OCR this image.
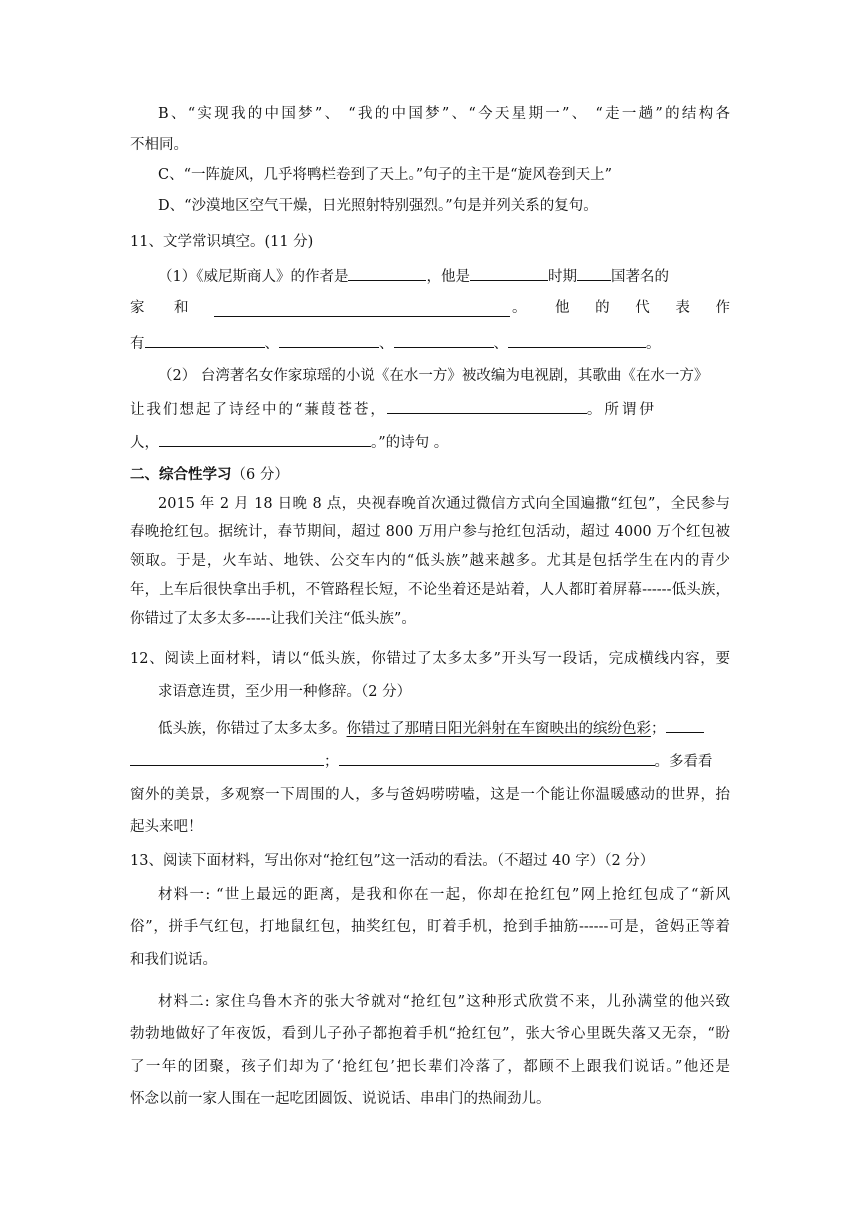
B、“实现我的中国梦”、 “我的中国梦”、“今天星期一”、 “走一趟”的结构各
不相同。
C、“一阵旋风，几乎将鸭栏卷到了天上。”句子的主干是“旋风卷到天上”
D、“沙漠地区空气干燥，日光照射特别强烈。”句是并列关系的复句。
11、文学常识填空。(11 分)
（1）《威尼斯商人》的作者是	，他是	时期 国著名的
家 和	。 他 的 代 表 作
有	、	、	、	。
（2） 台湾著名女作家琼瑶的小说《在水一方》被改编为电视剧，其歌曲《在水一方》
让我们想起了诗经中的“蒹葭苍苍，	。所谓伊
人，	。”的诗句 。
二、综合性学习（6 分）
2015 年 2 月 18 日晚 8 点，央视春晚首次通过微信方式向全国遍撒“红包”，全民参与
春晚抢红包。据统计，春节期间，超过 800 万用户参与抢红包活动，超过 4000 万个红包被
领取。于是，火车站、地铁、公交车内的“低头族”越来越多。尤其是包括学生在内的青少
年，上车后很快拿出手机，不管路程长短，不论坐着还是站着，人人都盯着屏幕------低头族，
你错过了太多太多-----让我们关注“低头族”。
12、阅读上面材料，请以“低头族，你错过了太多太多”开头写一段话，完成横线内容，要
求语意连贯，至少用一种修辞。（2 分）
低头族，你错过了太多太多。你错过了那晴日阳光斜射在车窗映出的缤纷色彩；
；	。多看看
窗外的美景，多观察一下周围的人，多与爸妈唠唠嗑，这是一个能让你温暖感动的世界，抬
起头来吧！
13、阅读下面材料，写出你对“抢红包”这一活动的看法。（不超过 40 字）（2 分）
材料一: “世上最远的距离，是我和你在一起，你却在抢红包”网上抢红包成了“新风
俗”，拼手气红包，打地鼠红包，抽奖红包，盯着手机，抢到手抽筋------可是，爸妈正等着
和我们说话。
材料二: 家住乌鲁木齐的张大爷就对“抢红包”这种形式欣赏不来，儿孙满堂的他兴致
勃勃地做好了年夜饭，看到儿子孙子都抱着手机“抢红包”，张大爷心里既失落又无奈，“盼
了一年的团聚，孩子们却为了‘抢红包’把长辈们冷落了，都顾不上跟我们说话。”他还是
怀念以前一家人围在一起吃团圆饭、说说话、串串门的热闹劲儿。
